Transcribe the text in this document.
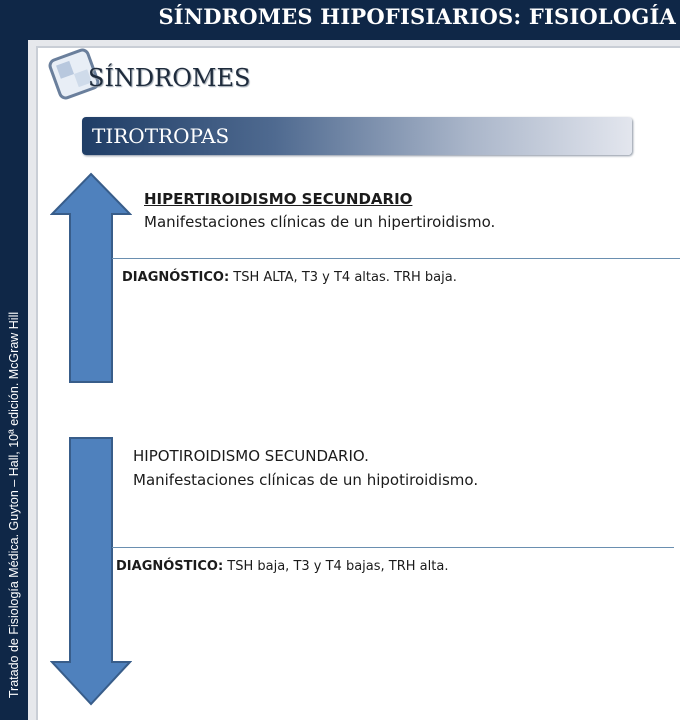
SÍNDROMES HIPOFISIARIOS: FISIOLOGÍA
Tratado de Fisiología Médica. Guyton – Hall, 10ª edición. McGraw Hill
SÍNDROMES
TIROTROPAS
HIPERTIROIDISMO SECUNDARIO
Manifestaciones clínicas de un hipertiroidismo.
DIAGNÓSTICO: TSH ALTA, T3 y T4 altas. TRH baja.
HIPOTIROIDISMO SECUNDARIO.
Manifestaciones clínicas de un hipotiroidismo.
DIAGNÓSTICO: TSH baja, T3 y T4 bajas, TRH alta.
